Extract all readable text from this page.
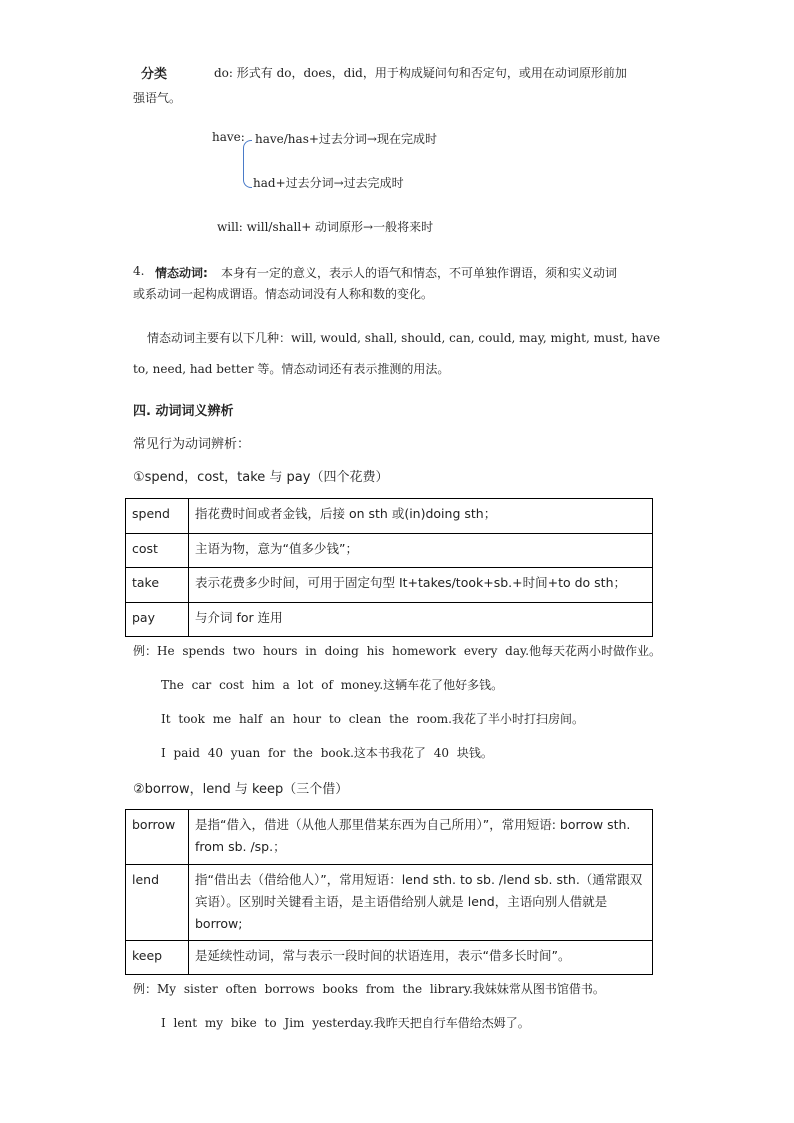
分类	do: 形式有 do，does，did，用于构成疑问句和否定句，或用在动词原形前加
强语气。
have: have/has+过去分词→现在完成时
had+过去分词→过去完成时
will: will/shall+ 动词原形→一般将来时
4. 情态动词: 本身有一定的意义，表示人的语气和情态，不可单独作谓语，须和实义动词
或系动词一起构成谓语。情态动词没有人称和数的变化。
情态动词主要有以下几种：will, would, shall, should, can, could, may, might, must, have
to, need, had better 等。情态动词还有表示推测的用法。
四. 动词词义辨析
常见行为动词辨析：
①spend，cost，take 与 pay（四个花费）
spend	指花费时间或者金钱，后接 on sth 或(in)doing sth；
cost	主语为物，意为“值多少钱”；
take	表示花费多少时间，可用于固定句型 It+takes/took+sb.+时间+to do sth；
pay	与介词 for 连用
例：He spends two hours in doing his homework every day.他每天花两小时做作业。
The car cost him a lot of money.这辆车花了他好多钱。
It took me half an hour to clean the room.我花了半小时打扫房间。
I paid 40 yuan for the book.这本书我花了 40 块钱。
②borrow，lend 与 keep（三个借）
borrow	是指“借入，借进（从他人那里借某东西为自己所用）”，常用短语: borrow sth. from sb. /sp.；
lend	指“借出去（借给他人）”，常用短语：lend sth. to sb. /lend sb. sth.（通常跟双宾语）。区别时关键看主语，是主语借给别人就是 lend，主语向别人借就是 borrow;
keep	是延续性动词，常与表示一段时间的状语连用，表示“借多长时间”。
例：My sister often borrows books from the library.我妹妹常从图书馆借书。
I lent my bike to Jim yesterday.我昨天把自行车借给杰姆了。
